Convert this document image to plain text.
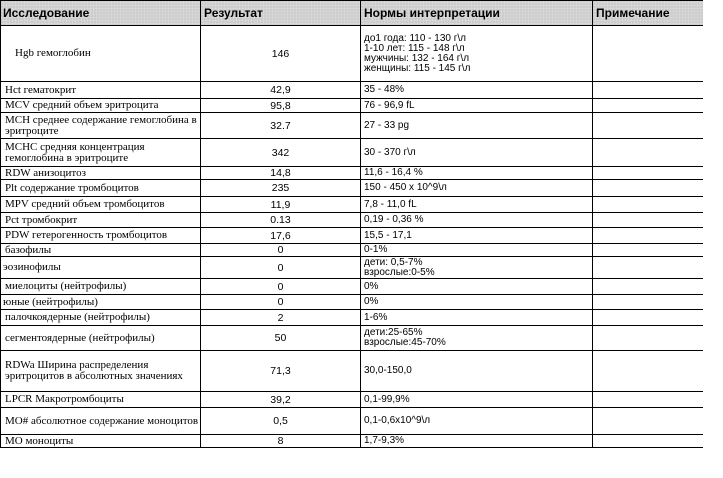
Исследование	Результат	Нормы интерпретации	Примечание
Hgb гемоглобин	146	до1 года: 110 - 130 г\л
1-10 лет: 115 - 148 г\л
мужчины: 132 - 164 г\л
женщины: 115 - 145 г\л	

Hct гематокрит	42,9	35 - 48%	

MCV средний объем эритроцита	95,8	76 - 96,9 fL	

MCH среднее содержание гемоглобина в эритроците	32.7	27 - 33 pg	

MCHC средняя концентрация гемоглобина в эритроците	342	30 - 370 г\л	

RDW анизоцитоз	14,8	11,6 - 16,4 %	

Plt содержание тромбоцитов	235	150 - 450 x 10^9\л	

MPV средний объем тромбоцитов	11,9	7,8 - 11,0 fL	

Pct тромбокрит	0.13	0,19 - 0,36 %	

PDW гетерогенность тромбоцитов	17,6	15,5 - 17,1	

базофилы	0	0-1%	

эозинофилы	0	дети: 0,5-7%
взрослые:0-5%	

миелоциты (нейтрофилы)	0	0%	

юные (нейтрофилы)	0	0%	

палочкоядерные (нейтрофилы)	2	1-6%	

сегментоядерные (нейтрофилы)	50	дети:25-65%
взрослые:45-70%	

RDWa Ширина распределения эритроцитов в абсолютных значениях	71,3	30,0-150,0	

LPCR Макротромбоциты	39,2	0,1-99,9%	

MO# абсолютное содержание моноцитов	0,5	0,1-0,6х10^9\л	

MO моноциты	8	1,7-9,3%	
